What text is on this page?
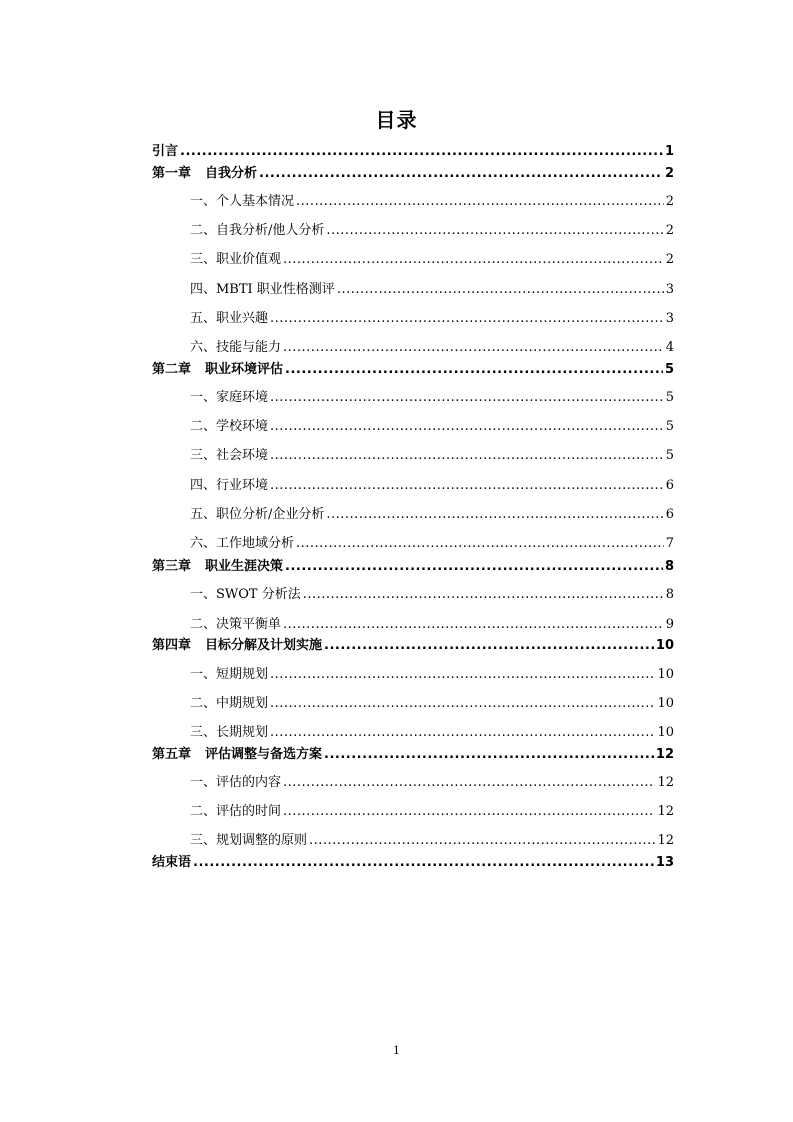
目录
引言 .....	1
第一章 自我分析 .....	2
一、个人基本情况 .....	2
二、自我分析/他人分析 .....	2
三、职业价值观 .....	2
四、MBTI 职业性格测评 .....	3
五、职业兴趣 .....	3
六、技能与能力 .....	4
第二章 职业环境评估 .....	5
一、家庭环境 .....	5
二、学校环境 .....	5
三、社会环境 .....	5
四、行业环境 .....	6
五、职位分析/企业分析 .....	6
六、工作地域分析 .....	7
第三章 职业生涯决策 .....	8
一、SWOT 分析法 .....	8
二、决策平衡单 .....	9
第四章 目标分解及计划实施 .....	10
一、短期规划 .....	10
二、中期规划 .....	10
三、长期规划 .....	10
第五章 评估调整与备选方案 .....	12
一、评估的内容 .....	12
二、评估的时间 .....	12
三、规划调整的原则 .....	12
结束语 .....	13
1
